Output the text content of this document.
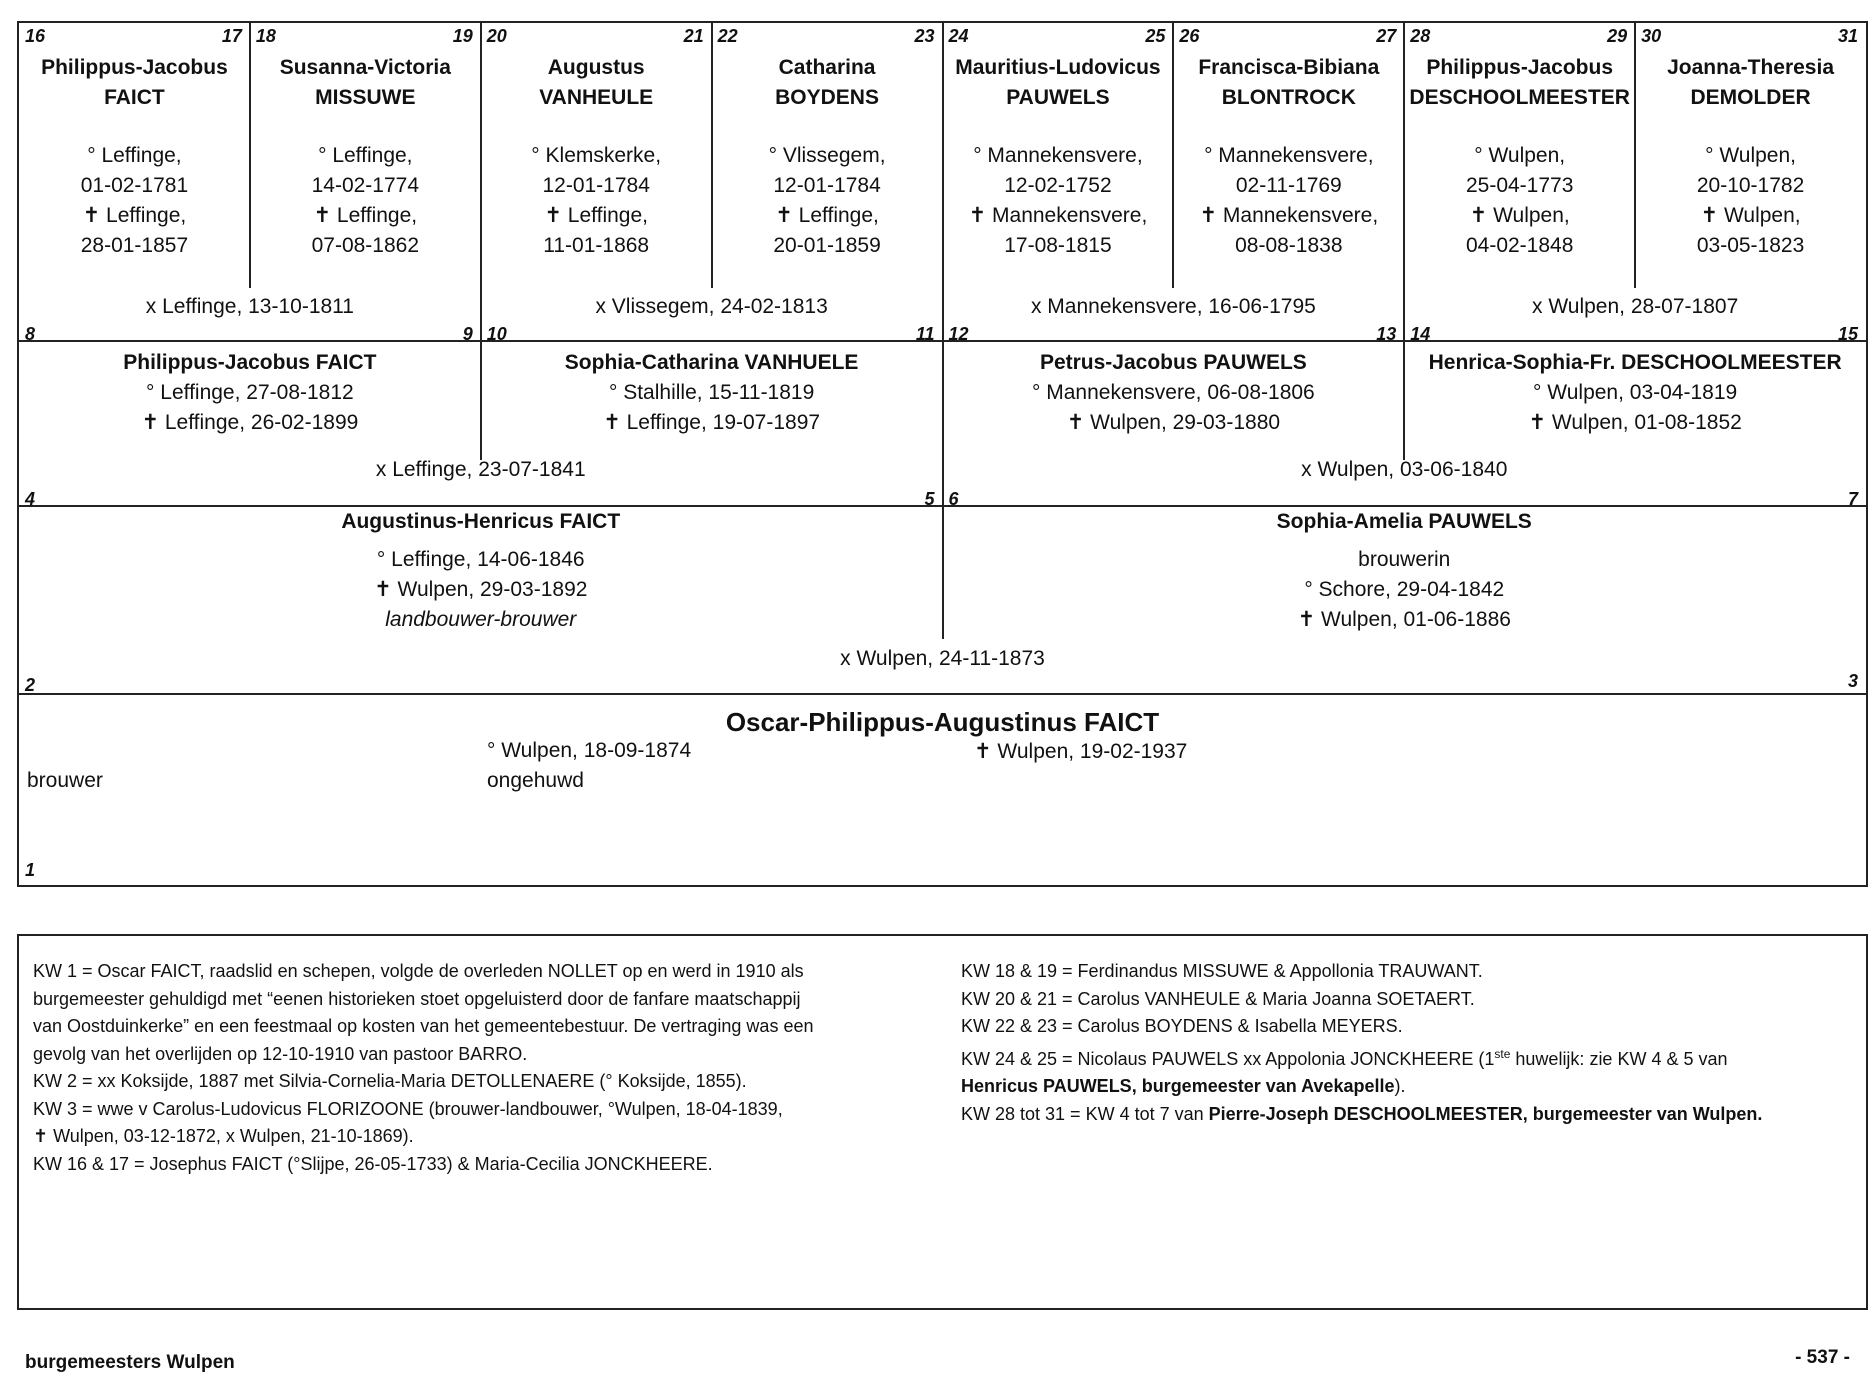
16	17
Philippus-Jacobus
FAICT
° Leffinge,
01-02-1781
✝ Leffinge,
28-01-1857
18	19
Susanna-Victoria
MISSUWE
° Leffinge,
14-02-1774
✝ Leffinge,
07-08-1862
20	21
Augustus
VANHEULE
° Klemskerke,
12-01-1784
✝ Leffinge,
11-01-1868
22	23
Catharina
BOYDENS
° Vlissegem,
12-01-1784
✝ Leffinge,
20-01-1859
24	25
Mauritius-Ludovicus
PAUWELS
° Mannekensvere,
12-02-1752
✝ Mannekensvere,
17-08-1815
26	27
Francisca-Bibiana
BLONTROCK
° Mannekensvere,
02-11-1769
✝ Mannekensvere,
08-08-1838
28	29
Philippus-Jacobus
DESCHOOLMEESTER
° Wulpen,
25-04-1773
✝ Wulpen,
04-02-1848
30	31
Joanna-Theresia
DEMOLDER
° Wulpen,
20-10-1782
✝ Wulpen,
03-05-1823
x Leffinge, 13-10-1811	x Vlissegem, 24-02-1813	x Mannekensvere, 16-06-1795	x Wulpen, 28-07-1807
8	9
Philippus-Jacobus FAICT
° Leffinge, 27-08-1812
✝ Leffinge, 26-02-1899
10	11
Sophia-Catharina VANHUELE
° Stalhille, 15-11-1819
✝ Leffinge, 19-07-1897
12	13
Petrus-Jacobus PAUWELS
° Mannekensvere, 06-08-1806
✝ Wulpen, 29-03-1880
14	15
Henrica-Sophia-Fr. DESCHOOLMEESTER
° Wulpen, 03-04-1819
✝ Wulpen, 01-08-1852
x Leffinge, 23-07-1841	x Wulpen, 03-06-1840
4	5
Augustinus-Henricus FAICT
° Leffinge, 14-06-1846
✝ Wulpen, 29-03-1892
landbouwer-brouwer
6	7
Sophia-Amelia PAUWELS
brouwerin
° Schore, 29-04-1842
✝ Wulpen, 01-06-1886
x Wulpen, 24-11-1873
2	3
Oscar-Philippus-Augustinus FAICT
brouwer
° Wulpen, 18-09-1874
ongehuwd
✝ Wulpen, 19-02-1937
1
KW 1 = Oscar FAICT, raadslid en schepen, volgde de overleden NOLLET op en werd in 1910 als
burgemeester gehuldigd met “eenen historieken stoet opgeluisterd door de fanfare maatschappij
van Oostduinkerke” en een feestmaal op kosten van het gemeentebestuur. De vertraging was een
gevolg van het overlijden op 12-10-1910 van pastoor BARRO.
KW 2 = xx Koksijde, 1887 met Silvia-Cornelia-Maria DETOLLENAERE (° Koksijde, 1855).
KW 3 = wwe v Carolus-Ludovicus FLORIZOONE (brouwer-landbouwer, °Wulpen, 18-04-1839,
✝ Wulpen, 03-12-1872, x Wulpen, 21-10-1869).
KW 16 & 17 = Josephus FAICT (°Slijpe, 26-05-1733) & Maria-Cecilia JONCKHEERE.
KW 18 & 19 = Ferdinandus MISSUWE & Appollonia TRAUWANT.
KW 20 & 21 = Carolus VANHEULE & Maria Joanna SOETAERT.
KW 22 & 23 = Carolus BOYDENS & Isabella MEYERS.
KW 24 & 25 = Nicolaus PAUWELS xx Appolonia JONCKHEERE (1ste huwelijk: zie KW 4 & 5 van
Henricus PAUWELS, burgemeester van Avekapelle).
KW 28 tot 31 = KW 4 tot 7 van Pierre-Joseph DESCHOOLMEESTER, burgemeester van Wulpen.
burgemeesters Wulpen	- 537 -
